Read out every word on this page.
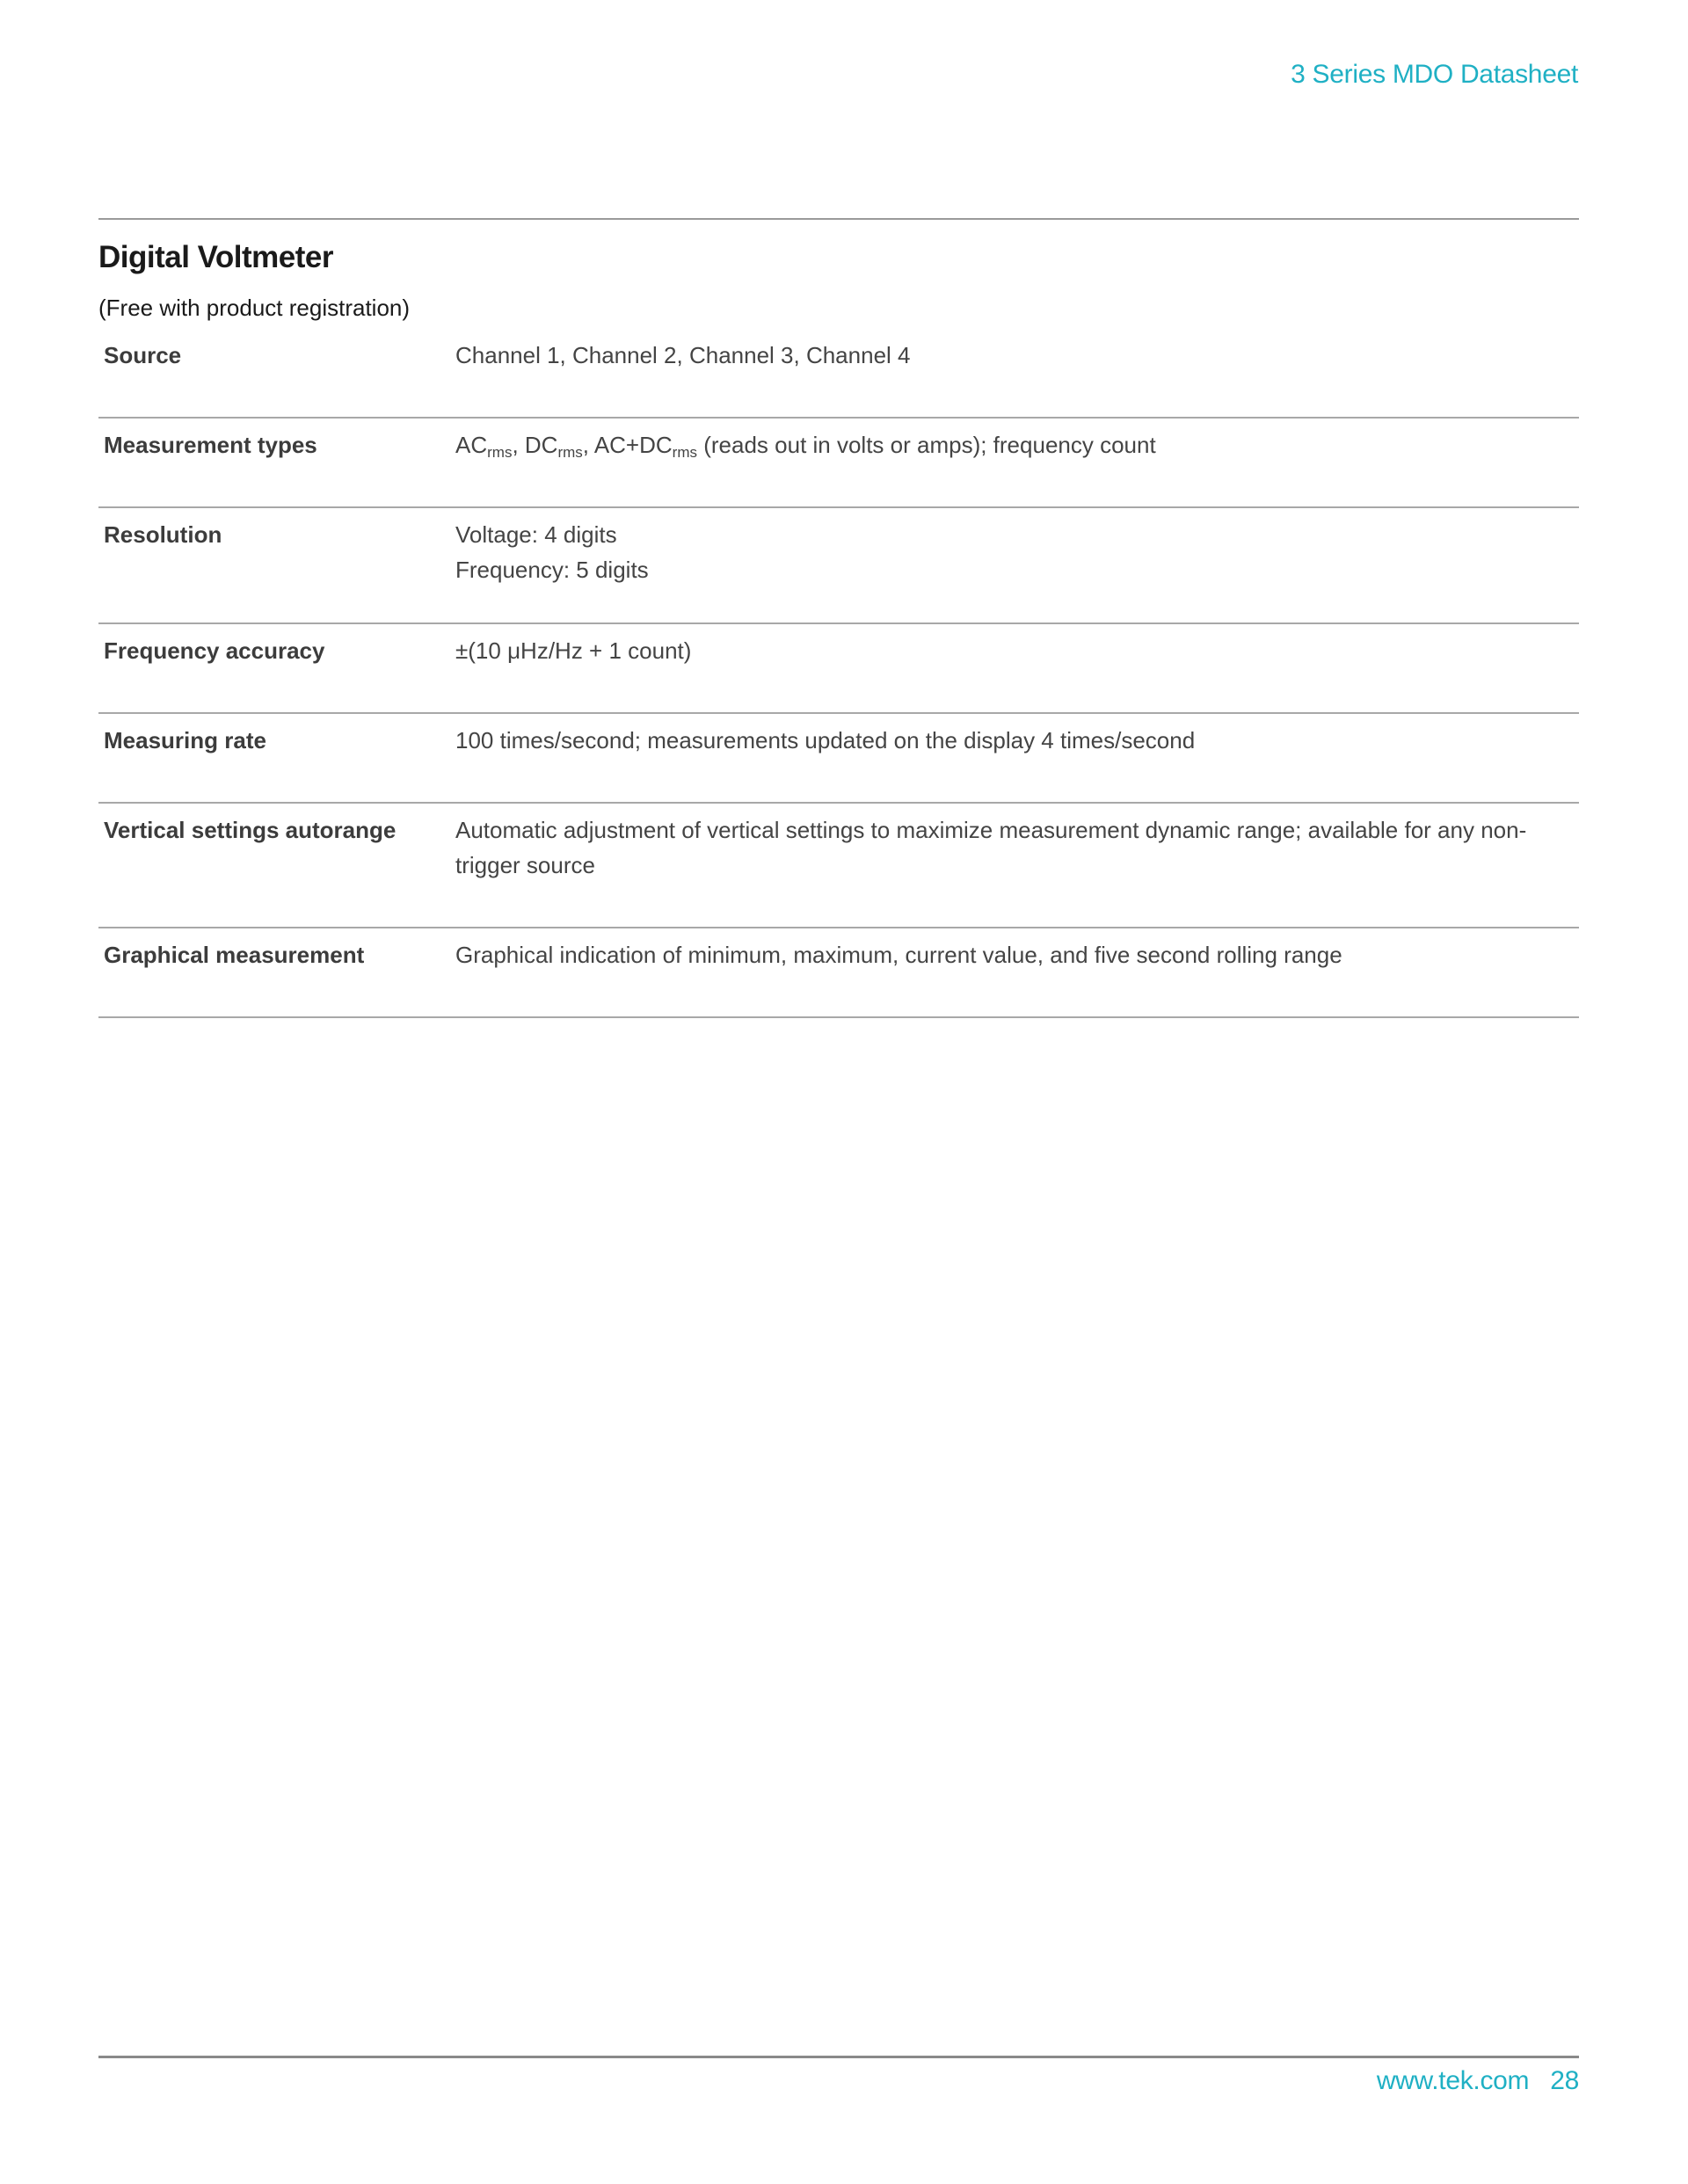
3 Series MDO Datasheet
Digital Voltmeter
(Free with product registration)
Source	Channel 1, Channel 2, Channel 3, Channel 4
Measurement types	$AC_{rms}$, $DC_{rms}$, $AC+DC_{rms}$ (reads out in volts or amps); frequency count
Resolution	Voltage: 4 digits
Frequency: 5 digits

Frequency accuracy	±(10 μHz/Hz + 1 count)
Measuring rate	100 times/second; measurements updated on the display 4 times/second
Vertical settings autorange	Automatic adjustment of vertical settings to maximize measurement dynamic range; available for any non-trigger source
Graphical measurement	Graphical indication of minimum, maximum, current value, and five second rolling range
www.tek.com 28
